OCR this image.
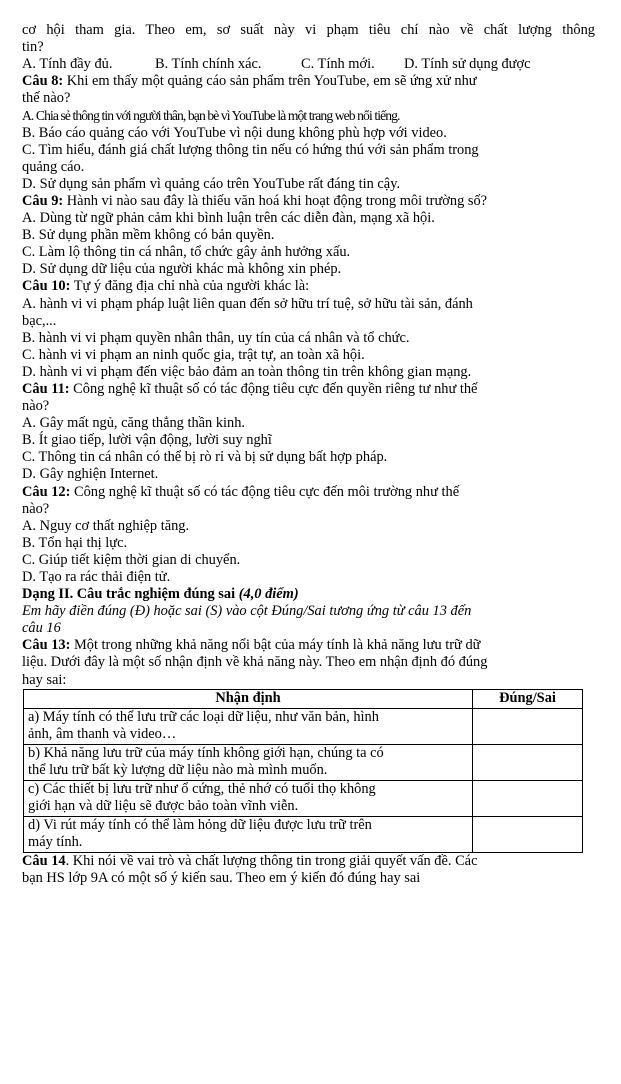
cơ hội tham gia. Theo em, sơ suất này vi phạm tiêu chí nào về chất lượng thông
tin?
A. Tính đầy đủ.	B. Tính chính xác.	C. Tính mới.	D. Tính sử dụng được
Câu 8: Khi em thấy một quảng cáo sản phẩm trên YouTube, em sẽ ứng xử như
thế nào?
A. Chia sẻ thông tin với người thân, bạn bè vì YouTube là một trang web nổi tiếng.
B. Báo cáo quảng cáo với YouTube vì nội dung không phù hợp với video.
C. Tìm hiểu, đánh giá chất lượng thông tin nếu có hứng thú với sản phẩm trong
quảng cáo.
D. Sử dụng sản phẩm vì quảng cáo trên YouTube rất đáng tin cậy.
Câu 9: Hành vi nào sau đây là thiếu văn hoá khi hoạt động trong môi trường số?
A. Dùng từ ngữ phản cảm khi bình luận trên các diễn đàn, mạng xã hội.
B. Sử dụng phần mềm không có bản quyền.
C. Làm lộ thông tin cá nhân, tổ chức gây ảnh hưởng xấu.
D. Sử dụng dữ liệu của người khác mà không xin phép.
Câu 10: Tự ý đăng địa chỉ nhà của người khác là:
A. hành vi vi phạm pháp luật liên quan đến sở hữu trí tuệ, sở hữu tài sản, đánh
bạc,...
B. hành vi vi phạm quyền nhân thân, uy tín của cá nhân và tổ chức.
C. hành vi vi phạm an ninh quốc gia, trật tự, an toàn xã hội.
D. hành vi vi phạm đến việc bảo đảm an toàn thông tin trên không gian mạng.
Câu 11: Công nghệ kĩ thuật số có tác động tiêu cực đến quyền riêng tư như thế
nào?
A. Gây mất ngủ, căng thẳng thần kinh.
B. Ít giao tiếp, lười vận động, lười suy nghĩ
C. Thông tin cá nhân có thể bị rò rỉ và bị sử dụng bất hợp pháp.
D. Gây nghiện Internet.
Câu 12: Công nghệ kĩ thuật số có tác động tiêu cực đến môi trường như thế
nào?
A. Nguy cơ thất nghiệp tăng.
B. Tổn hại thị lực.
C. Giúp tiết kiệm thời gian di chuyển.
D. Tạo ra rác thải điện tử.
Dạng II. Câu trắc nghiệm đúng sai (4,0 điểm)
Em hãy điền đúng (Đ) hoặc sai (S) vào cột Đúng/Sai tương ứng từ câu 13 đến
câu 16
Câu 13: Một trong những khả năng nổi bật của máy tính là khả năng lưu trữ dữ
liệu. Dưới đây là một số nhận định về khả năng này. Theo em nhận định đó đúng
hay sai:
Nhận định	Đúng/Sai

a) Máy tính có thể lưu trữ các loại dữ liệu, như văn bản, hình
ảnh, âm thanh và video…	

b) Khả năng lưu trữ của máy tính không giới hạn, chúng ta có
thể lưu trữ bất kỳ lượng dữ liệu nào mà mình muốn.	

c) Các thiết bị lưu trữ như ổ cứng, thẻ nhớ có tuổi thọ không
giới hạn và dữ liệu sẽ được bảo toàn vĩnh viễn.	

d) Vi rút máy tính có thể làm hỏng dữ liệu được lưu trữ trên
máy tính.	

Câu 14. Khi nói về vai trò và chất lượng thông tin trong giải quyết vấn đề. Các
bạn HS lớp 9A có một số ý kiến sau. Theo em ý kiến đó đúng hay sai
